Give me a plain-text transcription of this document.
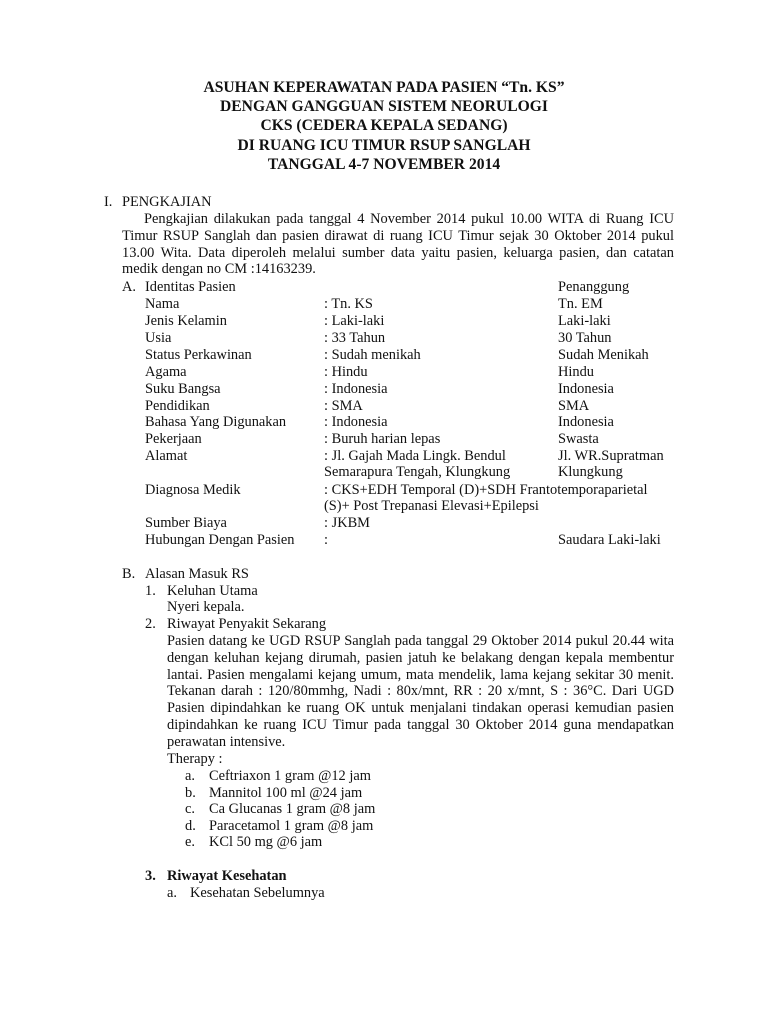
ASUHAN KEPERAWATAN PADA PASIEN “Tn. KS”
DENGAN GANGGUAN SISTEM NEORULOGI
CKS (CEDERA KEPALA SEDANG)
DI RUANG ICU TIMUR RSUP SANGLAH
TANGGAL 4-7 NOVEMBER 2014
I. PENGKAJIAN
Pengkajian dilakukan pada tanggal 4 November 2014 pukul 10.00 WITA di Ruang ICU Timur RSUP Sanglah dan pasien dirawat di ruang ICU Timur sejak 30 Oktober 2014 pukul 13.00 Wita. Data diperoleh melalui sumber data yaitu pasien, keluarga pasien, dan catatan medik dengan no CM :14163239.
A. Identitas Pasien	Penanggung
Nama	: Tn. KS	Tn. EM
Jenis Kelamin	: Laki-laki	Laki-laki
Usia	: 33 Tahun	30 Tahun
Status Perkawinan	: Sudah menikah	Sudah Menikah
Agama	: Hindu	Hindu
Suku Bangsa	: Indonesia	Indonesia
Pendidikan	: SMA	SMA
Bahasa Yang Digunakan	: Indonesia	Indonesia
Pekerjaan	: Buruh harian lepas	Swasta
Alamat	: Jl. Gajah Mada Lingk. Bendul	Jl. WR.Supratman
Semarapura Tengah, Klungkung	Klungkung
Diagnosa Medik	: CKS+EDH Temporal (D)+SDH Frantotemporaparietal
(S)+ Post Trepanasi Elevasi+Epilepsi
Sumber Biaya	: JKBM
Hubungan Dengan Pasien :	Saudara Laki-laki
B. Alasan Masuk RS
1. Keluhan Utama
Nyeri kepala.
2. Riwayat Penyakit Sekarang
Pasien datang ke UGD RSUP Sanglah pada tanggal 29 Oktober 2014 pukul 20.44 wita dengan keluhan kejang dirumah, pasien jatuh ke belakang dengan kepala membentur lantai. Pasien mengalami kejang umum, mata mendelik, lama kejang sekitar 30 menit. Tekanan darah : 120/80mmhg, Nadi : 80x/mnt, RR : 20 x/mnt, S : 36°C. Dari UGD Pasien dipindahkan ke ruang OK untuk menjalani tindakan operasi kemudian pasien dipindahkan ke ruang ICU Timur pada tanggal 30 Oktober 2014 guna mendapatkan perawatan intensive.
Therapy :
a. Ceftriaxon 1 gram @12 jam
b. Mannitol 100 ml @24 jam
c. Ca Glucanas 1 gram @8 jam
d. Paracetamol 1 gram @8 jam
e. KCl 50 mg @6 jam
3. Riwayat Kesehatan
a. Kesehatan Sebelumnya
